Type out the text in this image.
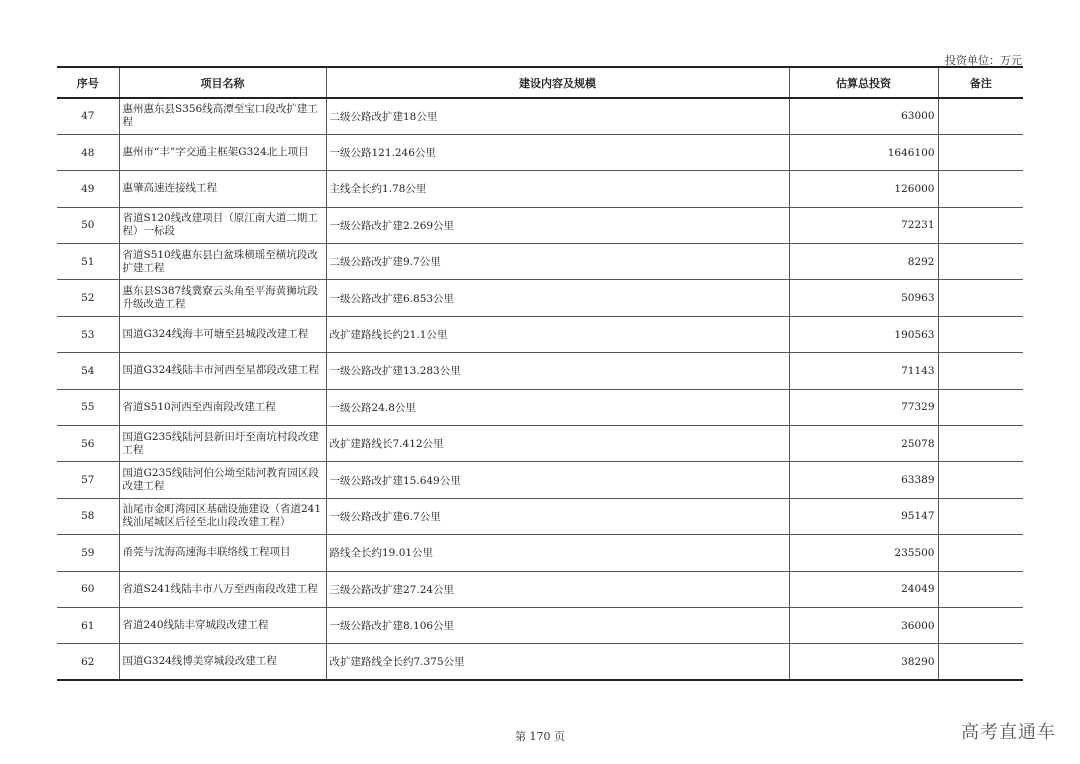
投资单位：万元
序号	项目名称	建设内容及规模	估算总投资	备注
47	惠州惠东县S356线高潭至宝口段改扩建工程	二级公路改扩建18公里	63000	
48	惠州市“丰”字交通主框架G324北上项目	一级公路121.246公里	1646100	
49	惠肇高速连接线工程	主线全长约1.78公里	126000	
50	省道S120线改建项目（原江南大道二期工程）一标段	一级公路改扩建2.269公里	72231	
51	省道S510线惠东县白盆珠横瑶至横坑段改扩建工程	二级公路改扩建9.7公里	8292	
52	惠东县S387线冀寮云头角至平海黄狮坑段升级改造工程	一级公路改扩建6.853公里	50963	
53	国道G324线海丰可塘至县城段改建工程	改扩建路线长约21.1公里	190563	
54	国道G324线陆丰市河西至星都段改建工程	一级公路改扩建13.283公里	71143	
55	省道S510河西至西南段改建工程	一级公路24.8公里	77329	
56	国道G235线陆河县新田圩至南坑村段改建工程	改扩建路线长7.412公里	25078	
57	国道G235线陆河伯公坳至陆河教育园区段改建工程	一级公路改扩建15.649公里	63389	
58	汕尾市金町湾园区基础设施建设（省道241线汕尾城区后径至北山段改建工程）	一级公路改扩建6.7公里	95147	
59	甬莞与沈海高速海丰联络线工程项目	路线全长约19.01公里	235500	
60	省道S241线陆丰市八万至西南段改建工程	三级公路改扩建27.24公里	24049	
61	省道240线陆丰穿城段改建工程	一级公路改扩建8.106公里	36000	
62	国道G324线博美穿城段改建工程	改扩建路线全长约7.375公里	38290	
第 170 页	高考直通车
